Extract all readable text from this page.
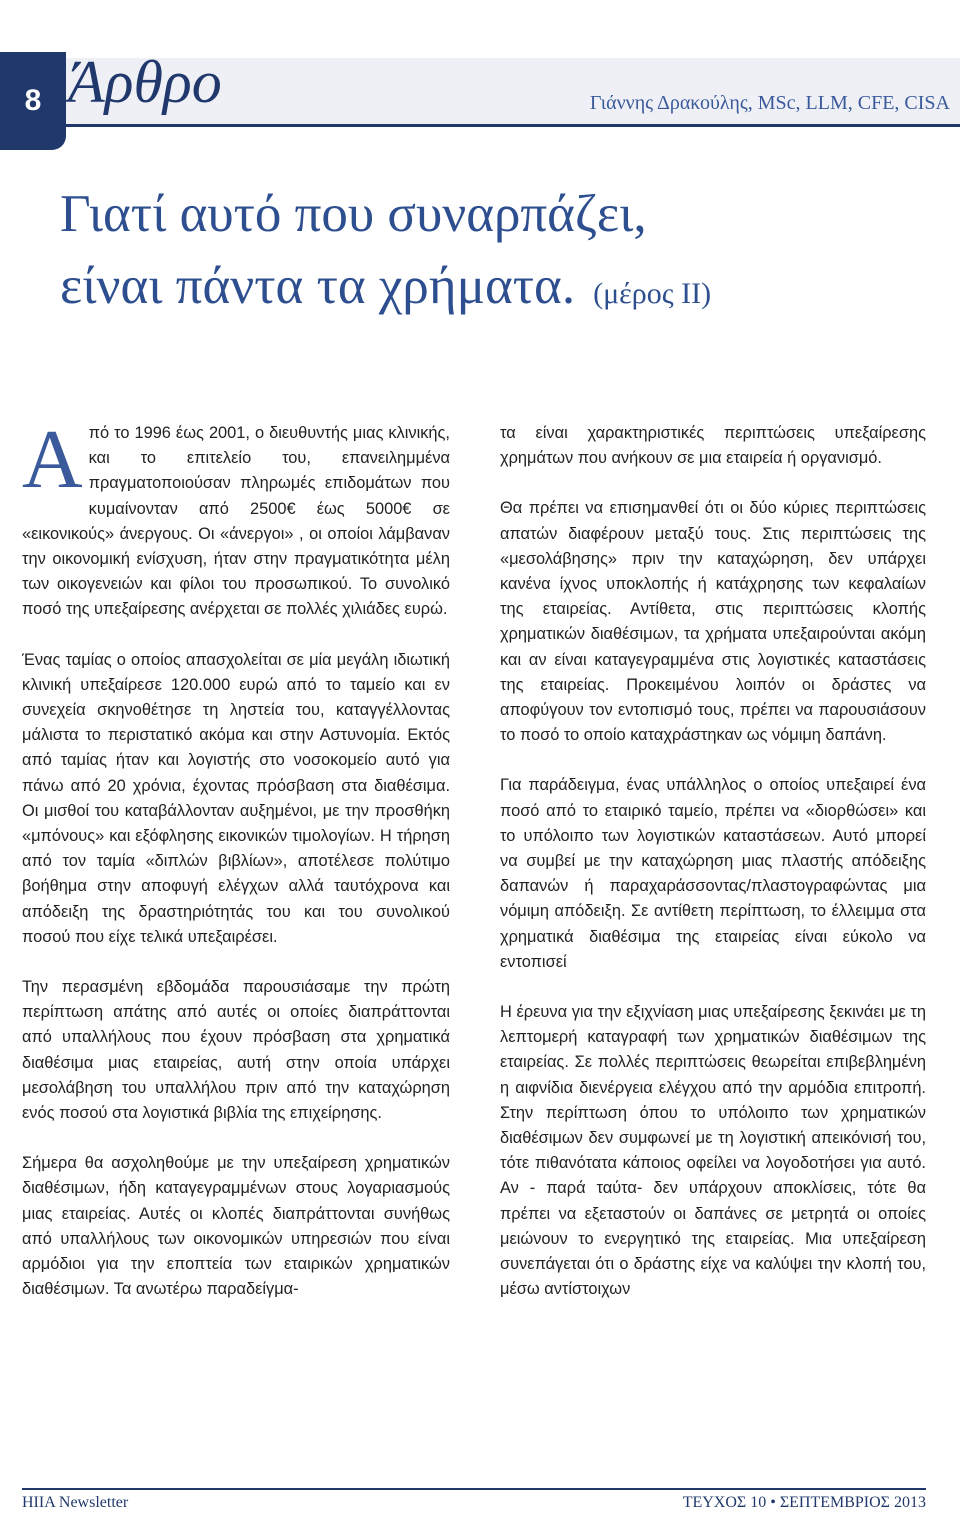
8 Άρθρο	Γιάννης Δρακούλης, MSc, LLM, CFE, CISA
Γιατί αυτό που συναρπάζει,
είναι πάντα τα χρήματα. (μέρος ΙΙ)

Από το 1996 έως 2001, ο διευθυντής μιας κλινικής, και το επιτελείο του, επανειλημμένα πραγματοποιούσαν πληρωμές επιδομάτων που κυμαίνονταν από 2500€ έως 5000€ σε «εικονικούς» άνεργους. Οι «άνεργοι» , οι οποίοι λάμβαναν την οικονομική ενίσχυση, ήταν στην πραγματικότητα μέλη των οικογενειών και φίλοι του προσωπικού. Το συνολικό ποσό της υπεξαίρεσης ανέρχεται σε πολλές χιλιάδες ευρώ.

Ένας ταμίας ο οποίος απασχολείται σε μία μεγάλη ιδιωτική κλινική υπεξαίρεσε 120.000 ευρώ από το ταμείο και εν συνεχεία σκηνοθέτησε τη ληστεία του, καταγγέλλοντας μάλιστα το περιστατικό ακόμα και στην Αστυνομία. Εκτός από ταμίας ήταν και λογιστής στο νοσοκομείο αυτό για πάνω από 20 χρόνια, έχοντας πρόσβαση στα διαθέσιμα. Οι μισθοί του καταβάλλονταν αυξημένοι, με την προσθήκη «μπόνους» και εξόφλησης εικονικών τιμολογίων. Η τήρηση από τον ταμία «διπλών βιβλίων», αποτέλεσε πολύτιμο βοήθημα στην αποφυγή ελέγχων αλλά ταυτόχρονα και απόδειξη της δραστηριότητάς του και του συνολικού ποσού που είχε τελικά υπεξαιρέσει.

Την περασμένη εβδομάδα παρουσιάσαμε την πρώτη περίπτωση απάτης από αυτές οι οποίες διαπράττονται από υπαλλήλους που έχουν πρόσβαση στα χρηματικά διαθέσιμα μιας εταιρείας, αυτή στην οποία υπάρχει μεσολάβηση του υπαλλήλου πριν από την καταχώρηση ενός ποσού στα λογιστικά βιβλία της επιχείρησης.

Σήμερα θα ασχοληθούμε με την υπεξαίρεση χρηματικών διαθέσιμων, ήδη καταγεγραμμένων στους λογαριασμούς μιας εταιρείας. Αυτές οι κλοπές διαπράττονται συνήθως από υπαλλήλους των οικονομικών υπηρεσιών που είναι αρμόδιοι για την εποπτεία των εταιρικών χρηματικών διαθέσιμων. Τα ανωτέρω παραδείγμα-

τα είναι χαρακτηριστικές περιπτώσεις υπεξαίρεσης χρημάτων που ανήκουν σε μια εταιρεία ή οργανισμό.

Θα πρέπει να επισημανθεί ότι οι δύο κύριες περιπτώσεις απατών διαφέρουν μεταξύ τους. Στις περιπτώσεις της «μεσολάβησης» πριν την καταχώρηση, δεν υπάρχει κανένα ίχνος υποκλοπής ή κατάχρησης των κεφαλαίων της εταιρείας. Αντίθετα, στις περιπτώσεις κλοπής χρηματικών διαθέσιμων, τα χρήματα υπεξαιρούνται ακόμη και αν είναι καταγεγραμμένα στις λογιστικές καταστάσεις της εταιρείας. Προκειμένου λοιπόν οι δράστες να αποφύγουν τον εντοπισμό τους, πρέπει να παρουσιάσουν το ποσό το οποίο καταχράστηκαν ως νόμιμη δαπάνη.

Για παράδειγμα, ένας υπάλληλος ο οποίος υπεξαιρεί ένα ποσό από το εταιρικό ταμείο, πρέπει να «διορθώσει» και το υπόλοιπο των λογιστικών καταστάσεων. Αυτό μπορεί να συμβεί με την καταχώρηση μιας πλαστής απόδειξης δαπανών ή παραχαράσσοντας/πλαστογραφώντας μια νόμιμη απόδειξη. Σε αντίθετη περίπτωση, το έλλειμμα στα χρηματικά διαθέσιμα της εταιρείας είναι εύκολο να εντοπισεί

Η έρευνα για την εξιχνίαση μιας υπεξαίρεσης ξεκινάει με τη λεπτομερή καταγραφή των χρηματικών διαθέσιμων της εταιρείας. Σε πολλές περιπτώσεις θεωρείται επιβεβλημένη η αιφνίδια διενέργεια ελέγχου από την αρμόδια επιτροπή. Στην περίπτωση όπου το υπόλοιπο των χρηματικών διαθέσιμων δεν συμφωνεί με τη λογιστική απεικόνισή του, τότε πιθανότατα κάποιος οφείλει να λογοδοτήσει για αυτό. Αν - παρά ταύτα- δεν υπάρχουν αποκλίσεις, τότε θα πρέπει να εξεταστούν οι δαπάνες σε μετρητά οι οποίες μειώνουν το ενεργητικό της εταιρείας. Μια υπεξαίρεση συνεπάγεται ότι ο δράστης είχε να καλύψει την κλοπή του, μέσω αντίστοιχων

HIIA Newsletter	ΤΕΥΧΟΣ 10 • ΣΕΠΤΕΜΒΡΙΟΣ 2013
